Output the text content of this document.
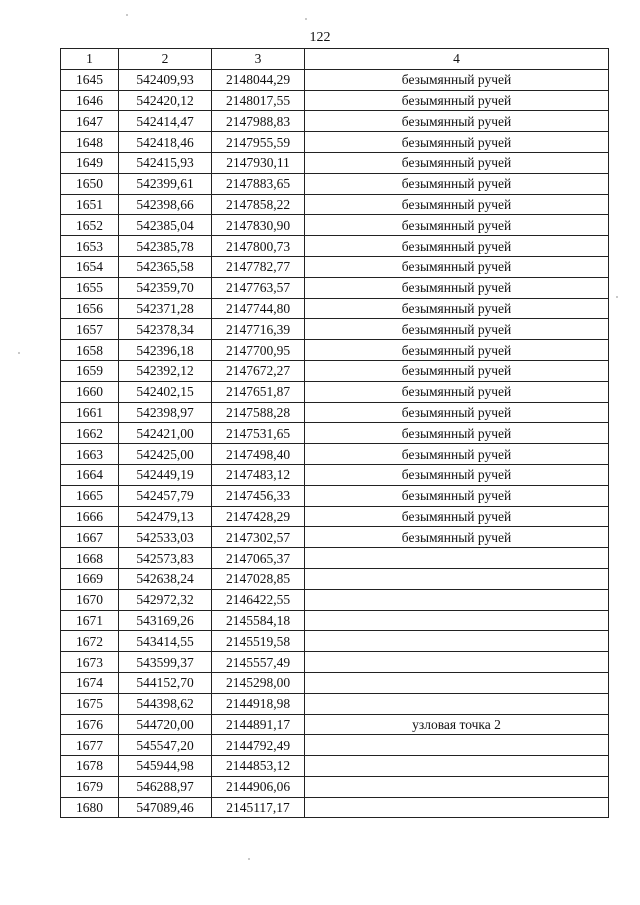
122
1	2	3	4
1645	542409,93	2148044,29	безымянный ручей
1646	542420,12	2148017,55	безымянный ручей
1647	542414,47	2147988,83	безымянный ручей
1648	542418,46	2147955,59	безымянный ручей
1649	542415,93	2147930,11	безымянный ручей
1650	542399,61	2147883,65	безымянный ручей
1651	542398,66	2147858,22	безымянный ручей
1652	542385,04	2147830,90	безымянный ручей
1653	542385,78	2147800,73	безымянный ручей
1654	542365,58	2147782,77	безымянный ручей
1655	542359,70	2147763,57	безымянный ручей
1656	542371,28	2147744,80	безымянный ручей
1657	542378,34	2147716,39	безымянный ручей
1658	542396,18	2147700,95	безымянный ручей
1659	542392,12	2147672,27	безымянный ручей
1660	542402,15	2147651,87	безымянный ручей
1661	542398,97	2147588,28	безымянный ручей
1662	542421,00	2147531,65	безымянный ручей
1663	542425,00	2147498,40	безымянный ручей
1664	542449,19	2147483,12	безымянный ручей
1665	542457,79	2147456,33	безымянный ручей
1666	542479,13	2147428,29	безымянный ручей
1667	542533,03	2147302,57	безымянный ручей
1668	542573,83	2147065,37	
1669	542638,24	2147028,85	
1670	542972,32	2146422,55	
1671	543169,26	2145584,18	
1672	543414,55	2145519,58	
1673	543599,37	2145557,49	
1674	544152,70	2145298,00	
1675	544398,62	2144918,98	
1676	544720,00	2144891,17	узловая точка 2
1677	545547,20	2144792,49	
1678	545944,98	2144853,12	
1679	546288,97	2144906,06	
1680	547089,46	2145117,17	
